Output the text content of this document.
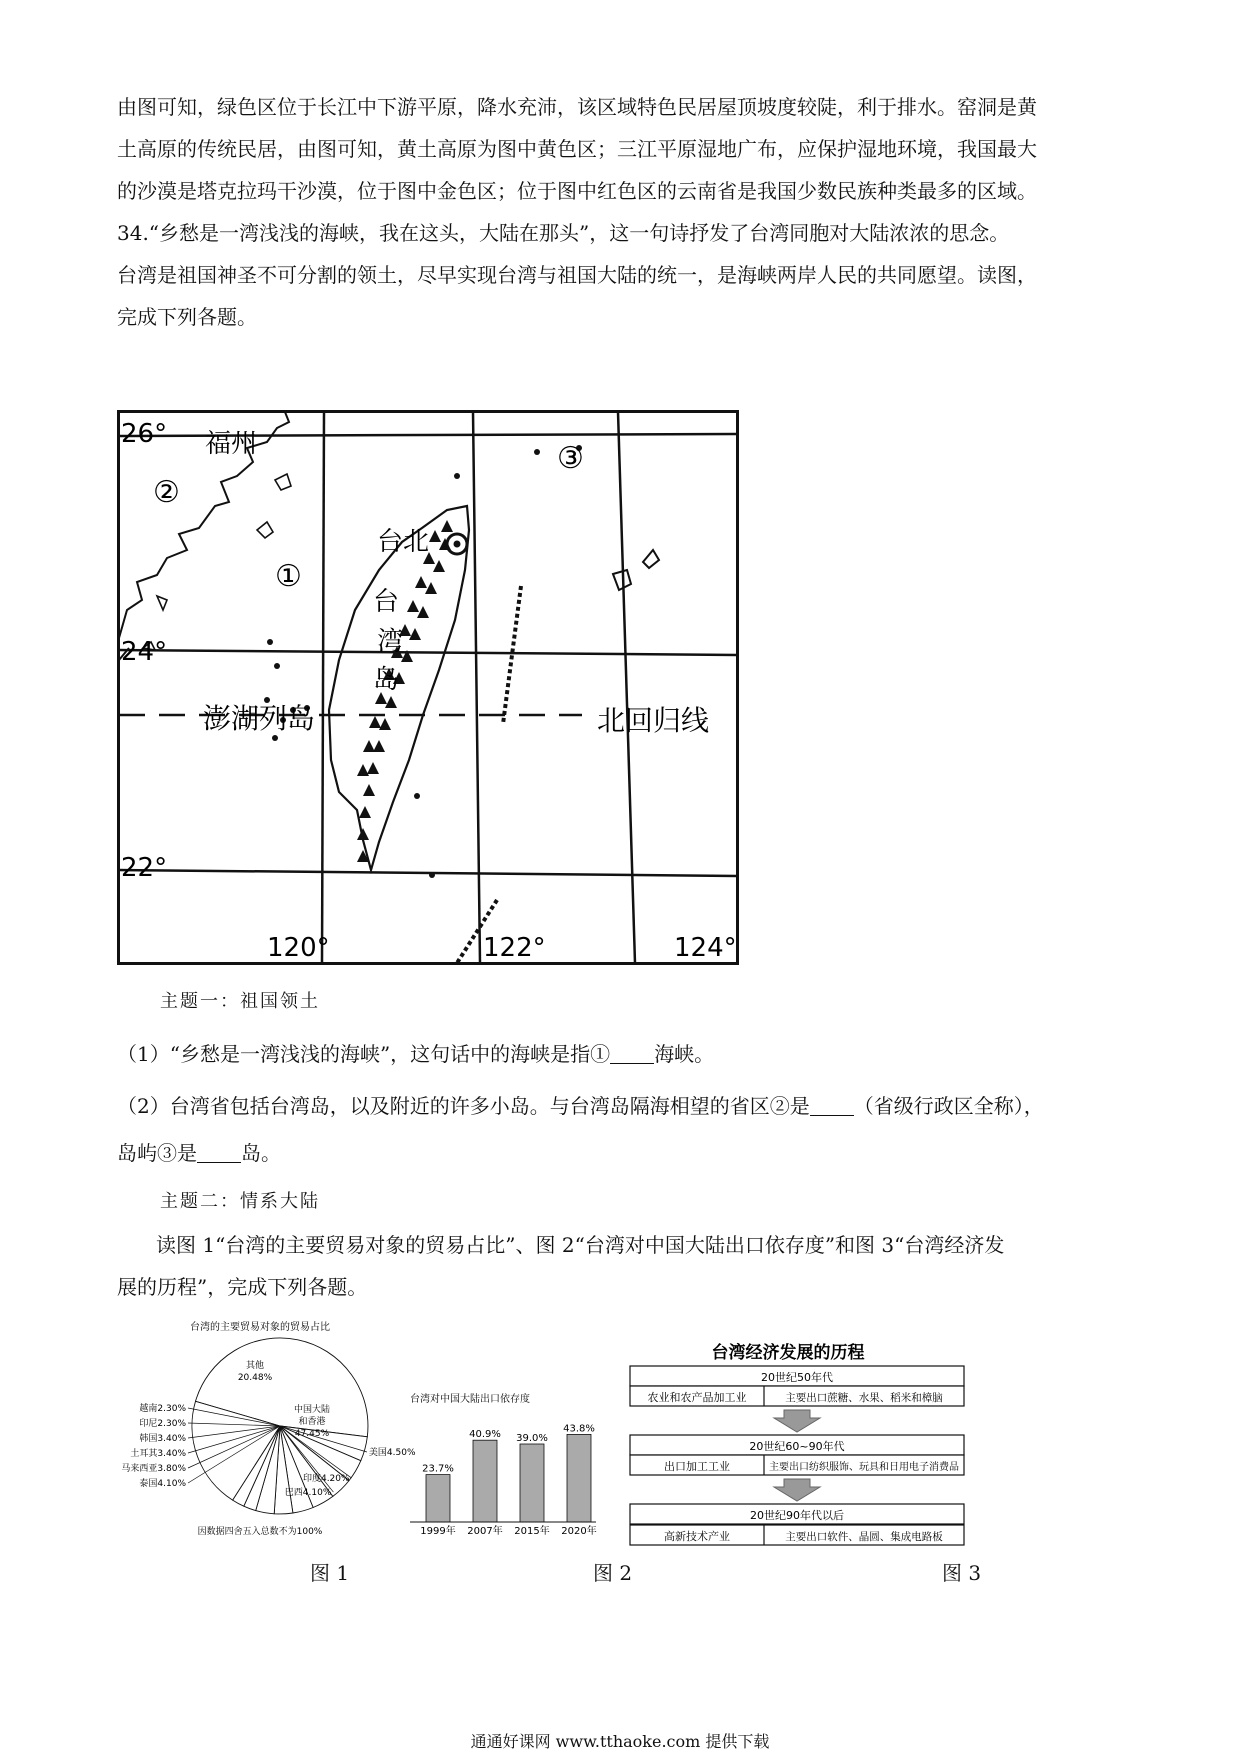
由图可知，绿色区位于长江中下游平原，降水充沛，该区域特色民居屋顶坡度较陡，利于排水。窑洞是黄
土高原的传统民居，由图可知，黄土高原为图中黄色区；三江平原湿地广布，应保护湿地环境，我国最大
的沙漠是塔克拉玛干沙漠，位于图中金色区；位于图中红色区的云南省是我国少数民族种类最多的区域。
34.“乡愁是一湾浅浅的海峡，我在这头，大陆在那头”，这一句诗抒发了台湾同胞对大陆浓浓的思念。
台湾是祖国神圣不可分割的领土，尽早实现台湾与祖国大陆的统一，是海峡两岸人民的共同愿望。读图，
完成下列各题。
26°
24°
22°
120°	122°	124°
福州
台北
台
湾
岛
澎湖列岛	北回归线
①
②
③
主题一：祖国领土
（1）“乡愁是一湾浅浅的海峡”，这句话中的海峡是指① 海峡。
（2）台湾省包括台湾岛，以及附近的许多小岛。与台湾岛隔海相望的省区②是 （省级行政区全称），
岛屿③是 岛。
主题二：情系大陆
读图 1“台湾的主要贸易对象的贸易占比”、图 2“台湾对中国大陆出口依存度”和图 3“台湾经济发
展的历程”，完成下列各题。
台湾的主要贸易对象的贸易占比
中国大陆
和香港
47.45%
其他
20.48%
美国4.50%
印度4.20%
巴西4.10%
泰国4.10%
马来西亚3.80%
土耳其3.40%
韩国3.40%
印尼2.30%
越南2.30%
因数据四舍五入总数不为100%
台湾对中国大陆出口依存度
23.7%
1999年
40.9%
2007年
39.0%
2015年
43.8%
2020年
台湾经济发展的历程
20世纪50年代
农业和农产品加工业	主要出口蔗糖、水果、稻米和樟脑
20世纪60~90年代
出口加工工业	主要出口纺织服饰、玩具和日用电子消费品
20世纪90年代以后
高新技术产业	主要出口软件、晶圆、集成电路板
图 1	图 2	图 3
通通好课网 www.tthaoke.com 提供下载
